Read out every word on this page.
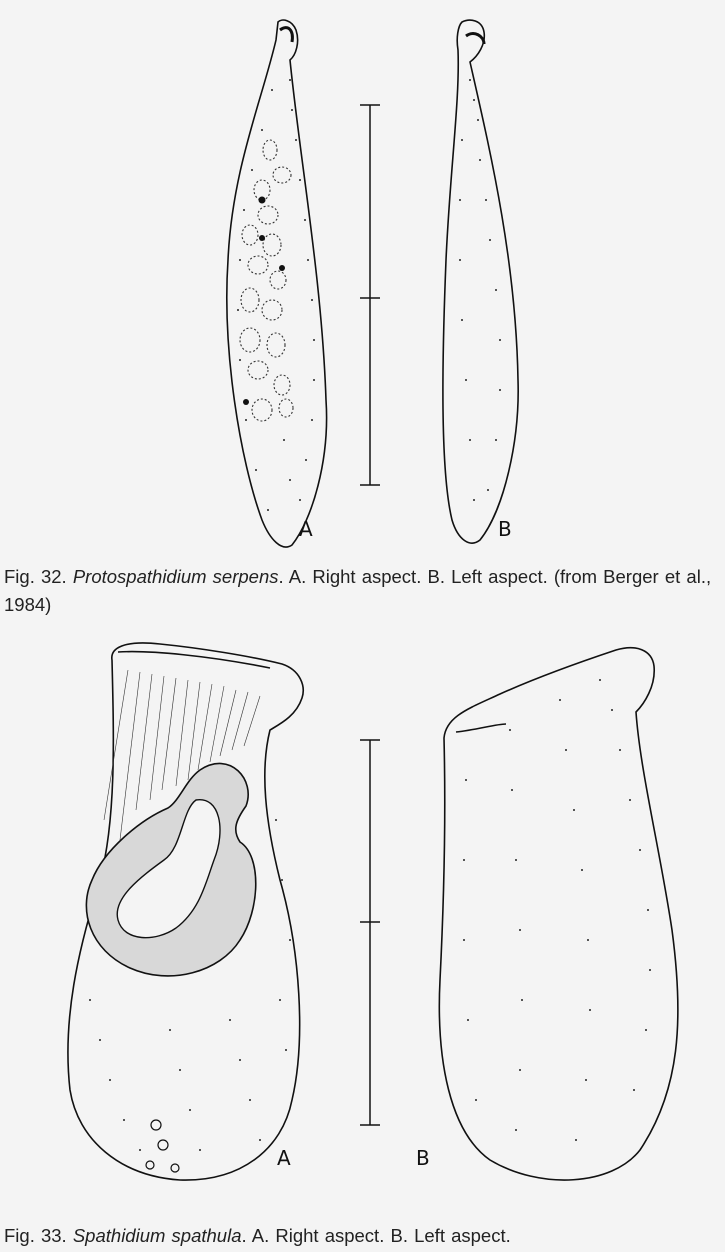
A	B
Fig. 32. Protospathidium serpens. A. Right aspect. B. Left aspect. (from Berger et al., 1984)
A	B
Fig. 33. Spathidium spathula. A. Right aspect. B. Left aspect.
